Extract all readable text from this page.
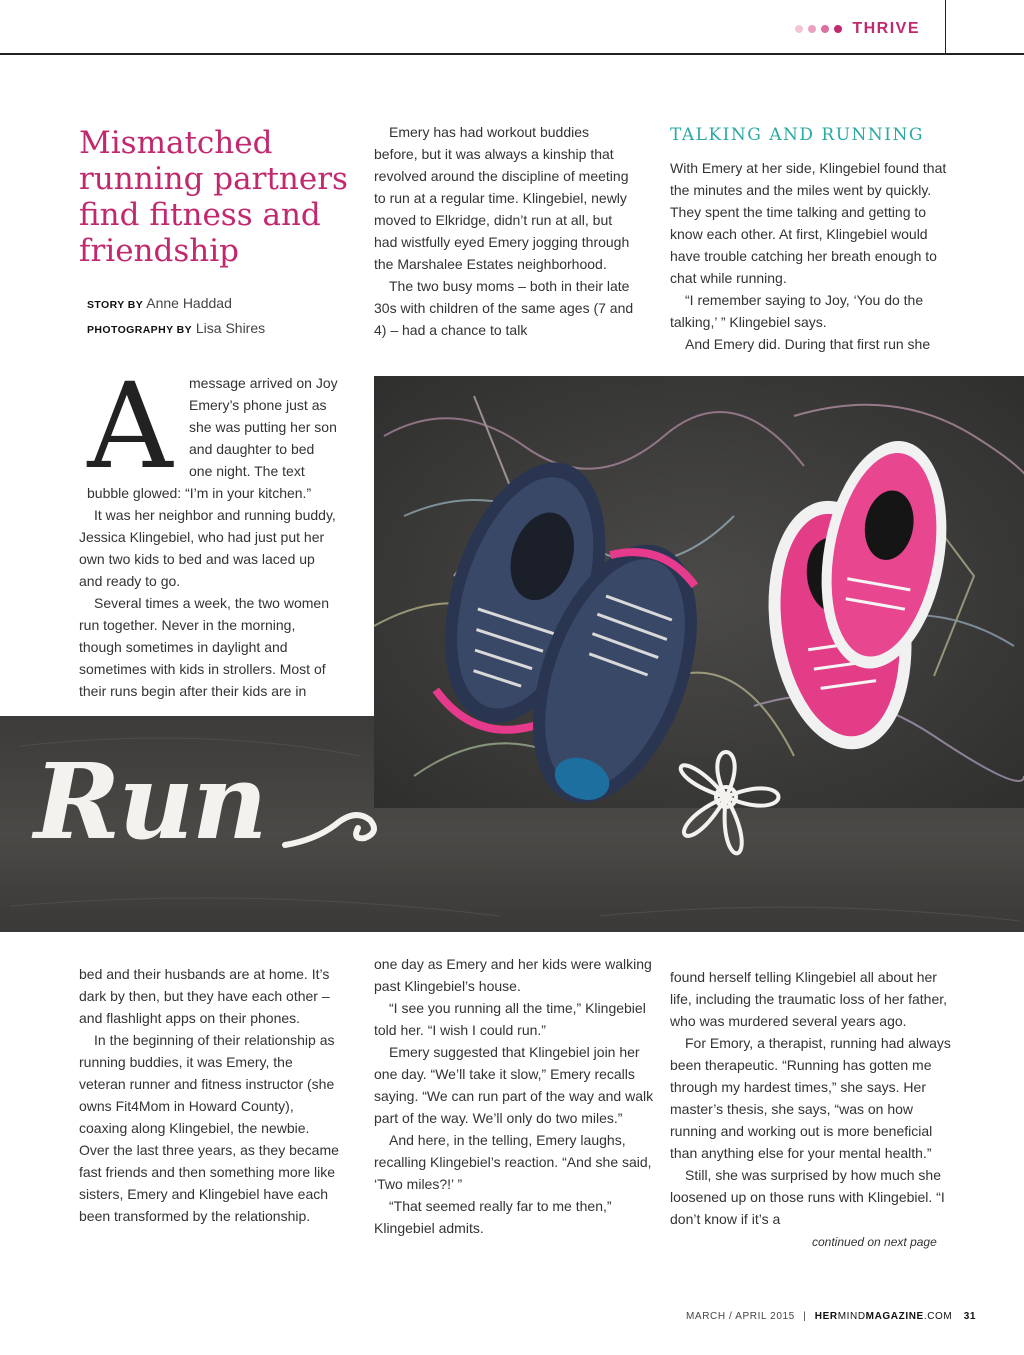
THRIVE
Mismatched running partners find fitness and friendship
STORY BY Anne Haddad
PHOTOGRAPHY BY Lisa Shires
A	message arrived on Joy Emery’s phone just as she was putting her son and daughter to bed one night. The text bubble glowed: “I’m in your kitchen.”

It was her neighbor and running buddy, Jessica Klingebiel, who had just put her own two kids to bed and was laced up and ready to go.

Several times a week, the two women run together. Never in the morning, though sometimes in daylight and sometimes with kids in strollers. Most of their runs begin after their kids are in

Emery has had workout buddies before, but it was always a kinship that revolved around the discipline of meeting to run at a regular time. Klingebiel, newly moved to Elkridge, didn’t run at all, but had wistfully eyed Emery jogging through the Marshalee Estates neighborhood.

The two busy moms – both in their late 30s with children of the same ages (7 and 4) – had a chance to talk

TALKING AND RUNNING

With Emery at her side, Klingebiel found that the minutes and the miles went by quickly. They spent the time talking and getting to know each other. At first, Klingebiel would have trouble catching her breath enough to chat while running.

“I remember saying to Joy, ‘You do the talking,’ ” Klingebiel says.

And Emery did. During that first run she

Run

bed and their husbands are at home. It’s dark by then, but they have each other – and flashlight apps on their phones.

In the beginning of their relationship as running buddies, it was Emery, the veteran runner and fitness instructor (she owns Fit4Mom in Howard County), coaxing along Klingebiel, the newbie. Over the last three years, as they became fast friends and then something more like sisters, Emery and Klingebiel have each been transformed by the relationship.

one day as Emery and her kids were walking past Klingebiel’s house.

“I see you running all the time,” Klingebiel told her. “I wish I could run.”

Emery suggested that Klingebiel join her one day. “We’ll take it slow,” Emery recalls saying. “We can run part of the way and walk part of the way. We’ll only do two miles.”

And here, in the telling, Emery laughs, recalling Klingebiel’s reaction. “And she said, ‘Two miles?!’ ”

“That seemed really far to me then,” Klingebiel admits.

found herself telling Klingebiel all about her life, including the traumatic loss of her father, who was murdered several years ago.

For Emory, a therapist, running had always been therapeutic. “Running has gotten me through my hardest times,” she says. Her master’s thesis, she says, “was on how running and working out is more beneficial than anything else for your mental health.”

Still, she was surprised by how much she loosened up on those runs with Klingebiel. “I don’t know if it’s a

continued on next page
MARCH / APRIL 2015 | HERMINDMAGAZINE.COM 31
